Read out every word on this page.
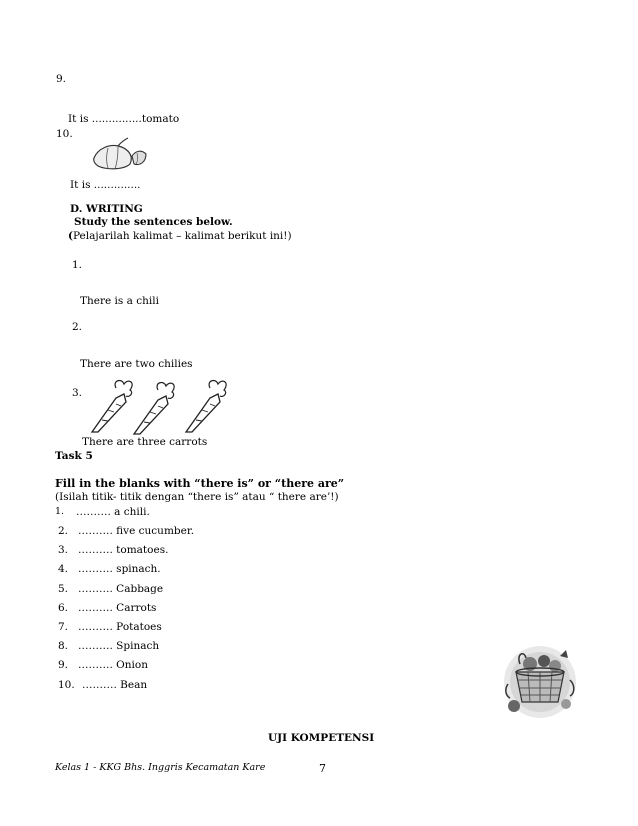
9.
It is ...............tomato
10.
It is ..............
D. WRITING
Study the sentences below.
(Pelajarilah kalimat – kalimat berikut ini!)
1.
There is a chili
2.
There are two chilies
3.
There are three carrots
Task 5
Fill in the blanks with “there is” or “there are”
(Isilah titik- titik dengan “there is” atau “ there are’!)
1. ………. a chili.
2. ………. five cucumber.
3. ………. tomatoes.
4. ………. spinach.
5. ………. Cabbage
6. ………. Carrots
7. ………. Potatoes
8. ………. Spinach
9. ………. Onion
10. ………. Bean
UJI KOMPETENSI
Kelas 1 - KKG Bhs. Inggris Kecamatan Kare	7
